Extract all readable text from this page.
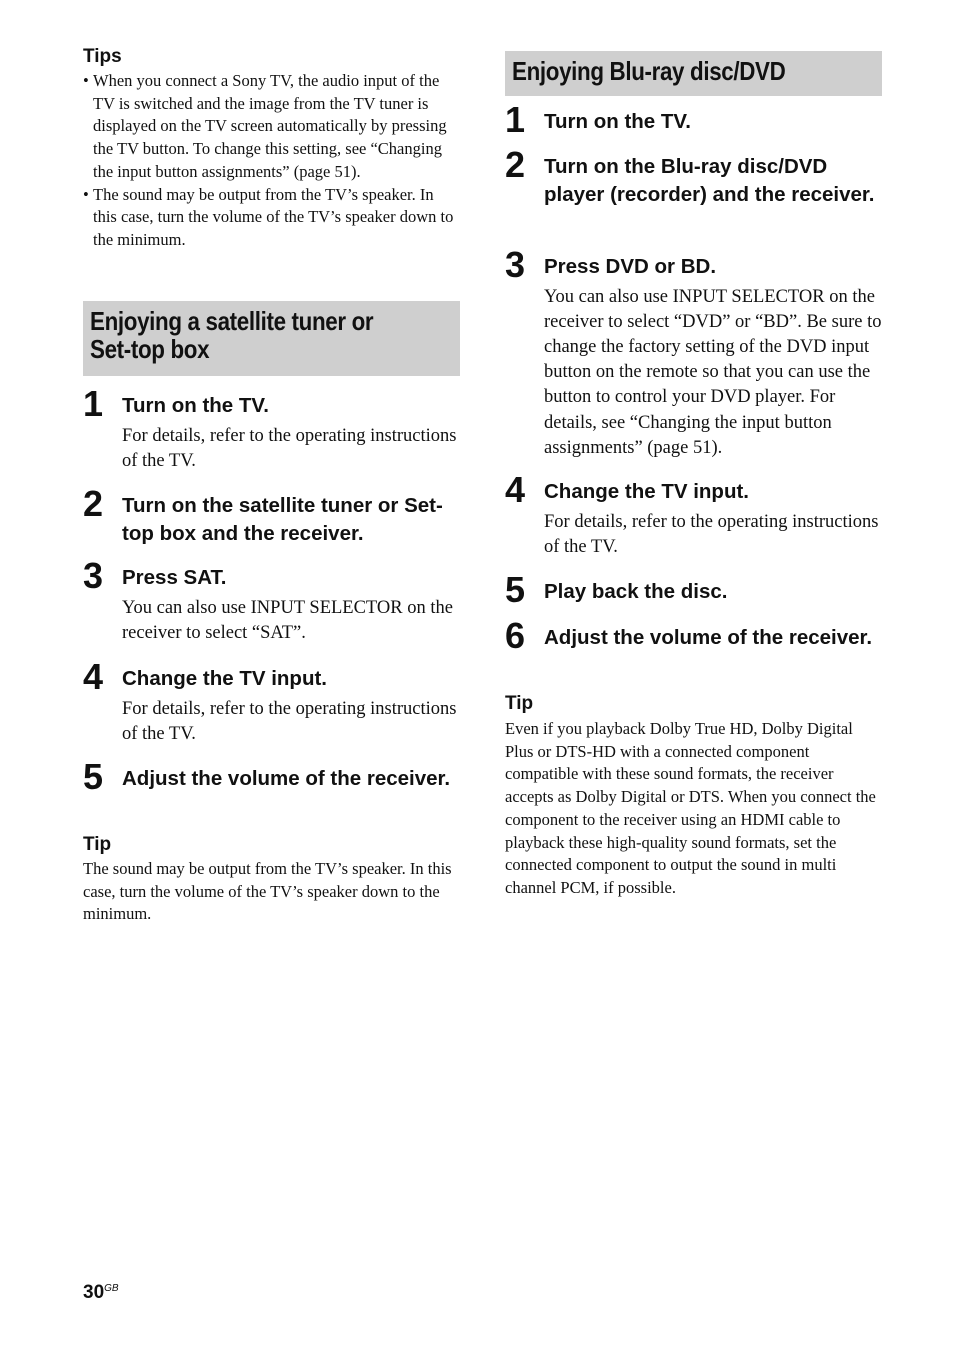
Tips
• When you connect a Sony TV, the audio input of the TV is switched and the image from the TV tuner is displayed on the TV screen automatically by pressing the TV button. To change this setting, see “Changing the input button assignments” (page 51).
• The sound may be output from the TV’s speaker. In this case, turn the volume of the TV’s speaker down to the minimum.
Enjoying a satellite tuner or
Set-top box
1 Turn on the TV.
For details, refer to the operating instructions of the TV.
2 Turn on the satellite tuner or Set-top box and the receiver.
3 Press SAT.
You can also use INPUT SELECTOR on the receiver to select “SAT”.
4 Change the TV input.
For details, refer to the operating instructions of the TV.
5 Adjust the volume of the receiver.
Tip
The sound may be output from the TV’s speaker. In this case, turn the volume of the TV’s speaker down to the minimum.
Enjoying Blu-ray disc/DVD
1 Turn on the TV.
2 Turn on the Blu-ray disc/DVD player (recorder) and the receiver.
3 Press DVD or BD.
You can also use INPUT SELECTOR on the receiver to select “DVD” or “BD”. Be sure to change the factory setting of the DVD input button on the remote so that you can use the button to control your DVD player. For details, see “Changing the input button assignments” (page 51).
4 Change the TV input.
For details, refer to the operating instructions of the TV.
5 Play back the disc.
6 Adjust the volume of the receiver.
Tip
Even if you playback Dolby True HD, Dolby Digital Plus or DTS-HD with a connected component compatible with these sound formats, the receiver accepts as Dolby Digital or DTS. When you connect the component to the receiver using an HDMI cable to playback these high-quality sound formats, set the connected component to output the sound in multi channel PCM, if possible.
$30^{GB}$
